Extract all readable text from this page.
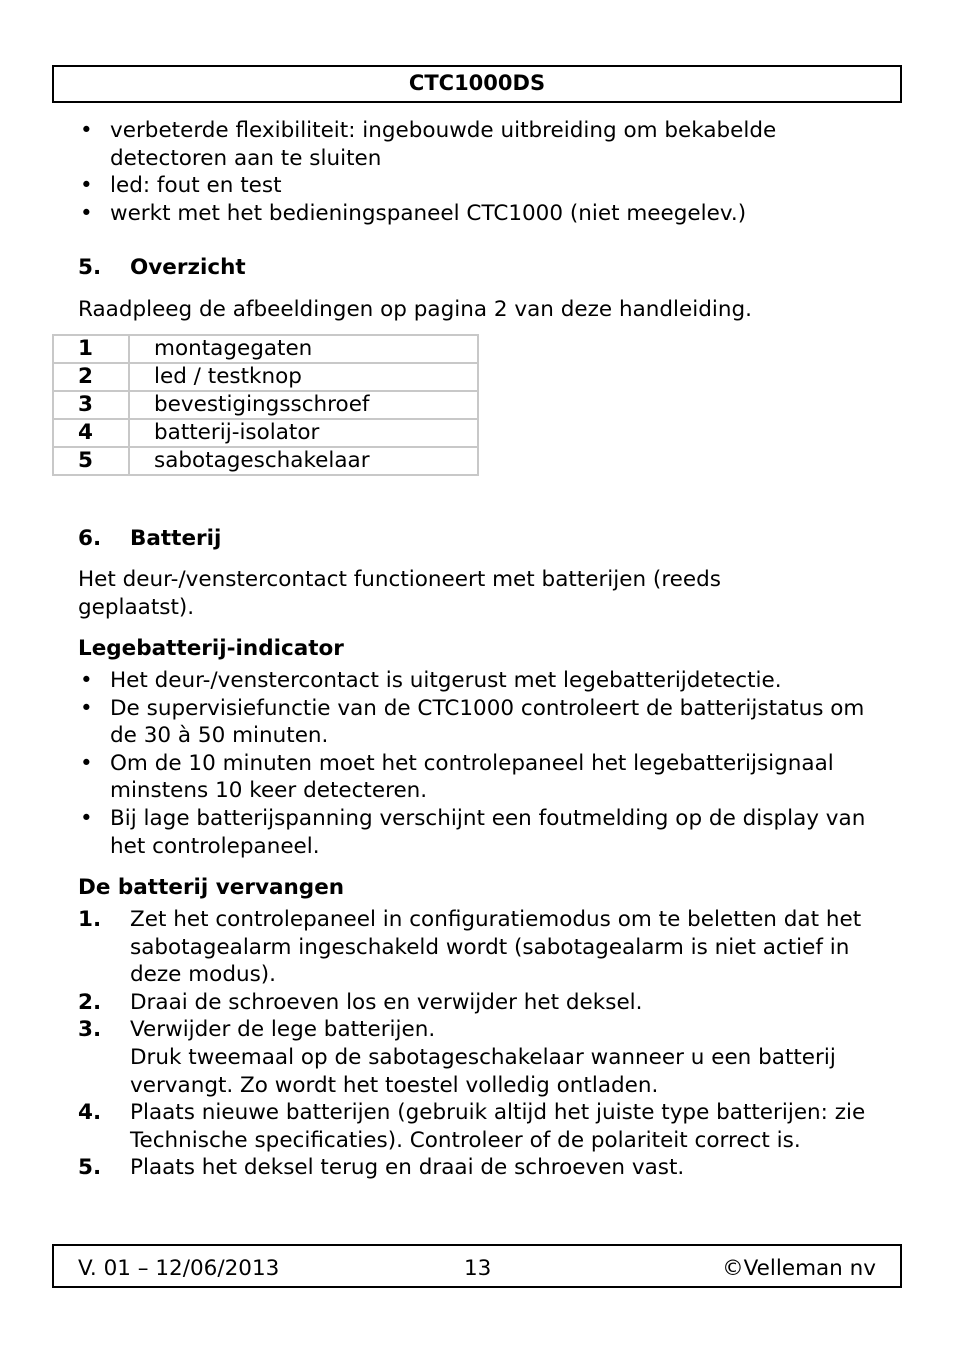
CTC1000DS
• verbeterde flexibiliteit: ingebouwde uitbreiding om bekabelde detectoren aan te sluiten
• led: fout en test
• werkt met het bedieningspaneel CTC1000 (niet meegelev.)
5. Overzicht
Raadpleeg de afbeeldingen op pagina 2 van deze handleiding.
1	montagegaten
2	led / testknop
3	bevestigingsschroef
4	batterij-isolator
5	sabotageschakelaar
6. Batterij
Het deur-/venstercontact functioneert met batterijen (reeds geplaatst).
Legebatterij-indicator
• Het deur-/venstercontact is uitgerust met legebatterijdetectie.
• De supervisiefunctie van de CTC1000 controleert de batterijstatus om de 30 à 50 minuten.
• Om de 10 minuten moet het controlepaneel het legebatterijsignaal minstens 10 keer detecteren.
• Bij lage batterijspanning verschijnt een foutmelding op de display van het controlepaneel.
De batterij vervangen
1. Zet het controlepaneel in configuratiemodus om te beletten dat het sabotagealarm ingeschakeld wordt (sabotagealarm is niet actief in deze modus).
2. Draai de schroeven los en verwijder het deksel.
3. Verwijder de lege batterijen.
Druk tweemaal op de sabotageschakelaar wanneer u een batterij vervangt. Zo wordt het toestel volledig ontladen.
4. Plaats nieuwe batterijen (gebruik altijd het juiste type batterijen: zie Technische specificaties). Controleer of de polariteit correct is.
5. Plaats het deksel terug en draai de schroeven vast.
V. 01 – 12/06/2013	13	©Velleman nv
